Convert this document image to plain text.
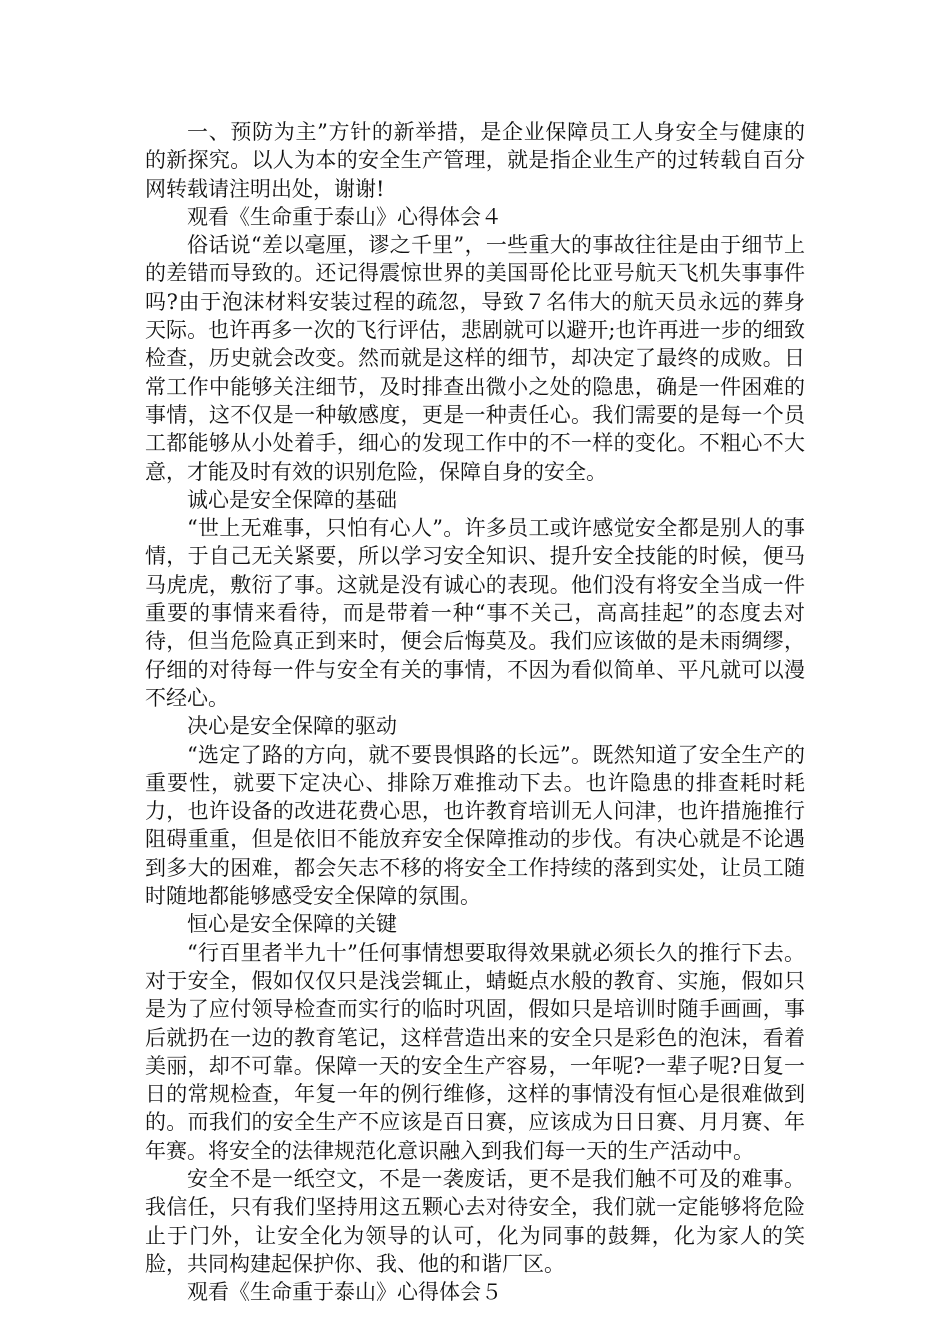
一、预防为主”方针的新举措，是企业保障员工人身安全与健康的的新探究。以人为本的安全生产管理，就是指企业生产的过转载自百分网转载请注明出处，谢谢!

观看《生命重于泰山》心得体会４

俗话说“差以毫厘，谬之千里”，一些重大的事故往往是由于细节上的差错而导致的。还记得震惊世界的美国哥伦比亚号航天飞机失事事件吗?由于泡沫材料安装过程的疏忽，导致７名伟大的航天员永远的葬身天际。也许再多一次的飞行评估，悲剧就可以避开;也许再进一步的细致检查，历史就会改变。然而就是这样的细节，却决定了最终的成败。日常工作中能够关注细节，及时排查出微小之处的隐患，确是一件困难的事情，这不仅是一种敏感度，更是一种责任心。我们需要的是每一个员工都能够从小处着手，细心的发现工作中的不一样的变化。不粗心不大意，才能及时有效的识别危险，保障自身的安全。

诚心是安全保障的基础

“世上无难事，只怕有心人”。许多员工或许感觉安全都是别人的事情，于自己无关紧要，所以学习安全知识、提升安全技能的时候，便马马虎虎，敷衍了事。这就是没有诚心的表现。他们没有将安全当成一件重要的事情来看待，而是带着一种“事不关己，高高挂起”的态度去对待，但当危险真正到来时，便会后悔莫及。我们应该做的是未雨绸缪，仔细的对待每一件与安全有关的事情，不因为看似简单、平凡就可以漫不经心。

决心是安全保障的驱动

“选定了路的方向，就不要畏惧路的长远”。既然知道了安全生产的重要性，就要下定决心、排除万难推动下去。也许隐患的排查耗时耗力，也许设备的改进花费心思，也许教育培训无人问津，也许措施推行阻碍重重，但是依旧不能放弃安全保障推动的步伐。有决心就是不论遇到多大的困难，都会矢志不移的将安全工作持续的落到实处，让员工随时随地都能够感受安全保障的氛围。

恒心是安全保障的关键

“行百里者半九十”任何事情想要取得效果就必须长久的推行下去。对于安全，假如仅仅只是浅尝辄止，蜻蜓点水般的教育、实施，假如只是为了应付领导检查而实行的临时巩固，假如只是培训时随手画画，事后就扔在一边的教育笔记，这样营造出来的安全只是彩色的泡沫，看着美丽，却不可靠。保障一天的安全生产容易，一年呢?一辈子呢?日复一日的常规检查，年复一年的例行维修，这样的事情没有恒心是很难做到的。而我们的安全生产不应该是百日赛，应该成为日日赛、月月赛、年年赛。将安全的法律规范化意识融入到我们每一天的生产活动中。

安全不是一纸空文，不是一袭废话，更不是我们触不可及的难事。我信任，只有我们坚持用这五颗心去对待安全，我们就一定能够将危险止于门外，让安全化为领导的认可，化为同事的鼓舞，化为家人的笑脸，共同构建起保护你、我、他的和谐厂区。

观看《生命重于泰山》心得体会５
